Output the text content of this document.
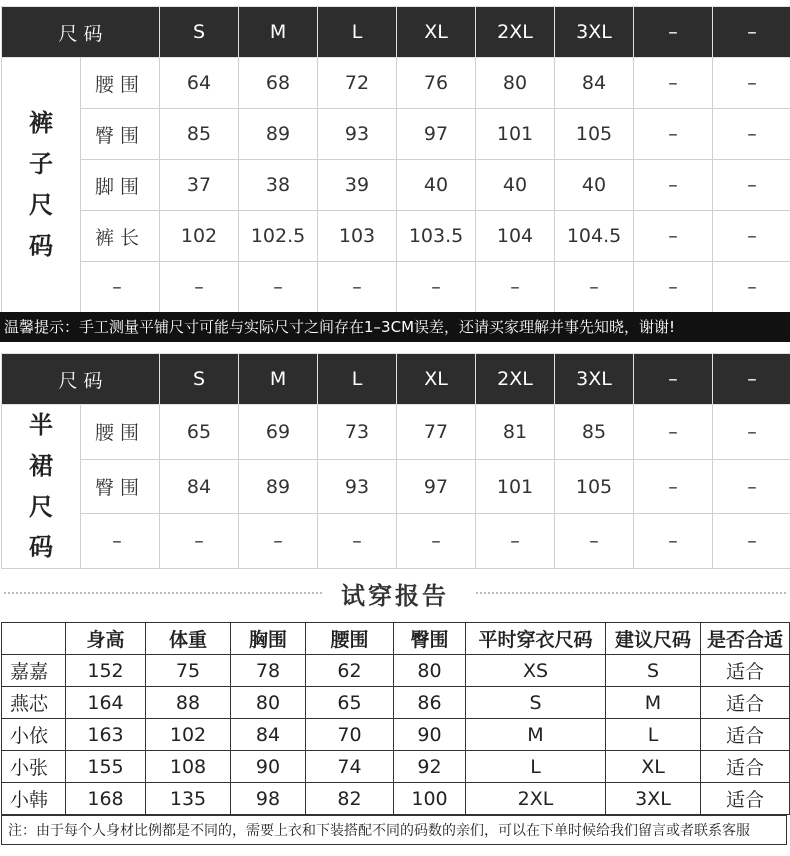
尺 码		S	M	L	XL	2XL	3XL	–	–

裤
子
尺
码	腰围	64	68	72	76	80	84	–	–
	臀围	85	89	93	97	101	105	–	–
	脚围	37	38	39	40	40	40	–	–
	裤长	102	102.5	103	103.5	104	104.5	–	–
	–	–	–	–	–	–	–	–	–
温馨提示：手工测量平铺尺寸可能与实际尺寸之间存在1–3CM误差，还请买家理解并事先知晓，谢谢!
尺 码		S	M	L	XL	2XL	3XL	–	–

半
裙
尺
码	腰围	65	69	73	77	81	85	–	–
	臀围	84	89	93	97	101	105	–	–
	–	–	–	–	–	–	–	–	–
试穿报告
	身高	体重	胸围	腰围	臀围	平时穿衣尺码	建议尺码	是否合适
嘉嘉	152	75	78	62	80	XS	S	适合
燕芯	164	88	80	65	86	S	M	适合
小依	163	102	84	70	90	M	L	适合
小张	155	108	90	74	92	L	XL	适合
小韩	168	135	98	82	100	2XL	3XL	适合
注：由于每个人身材比例都是不同的，需要上衣和下装搭配不同的码数的亲们，可以在下单时候给我们留言或者联系客服
